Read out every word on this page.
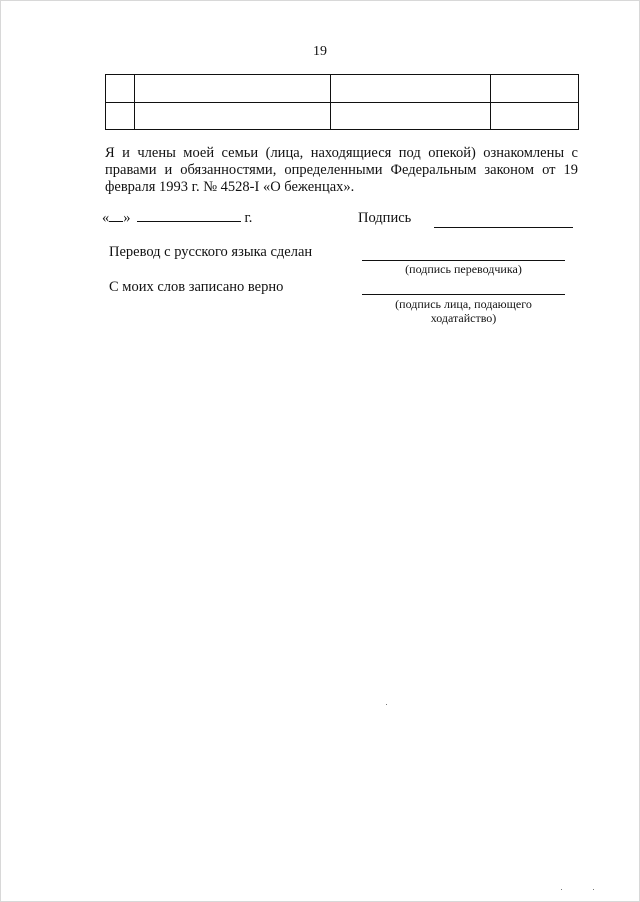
19

Я и члены моей семьи (лица, находящиеся под опекой) ознакомлены с правами и обязанностями, определенными Федеральным законом от 19 февраля 1993 г. № 4528-I «О беженцах».
« »	г.	Подпись
Перевод с русского языка сделан
(подпись переводчика)
С моих слов записано верно
(подпись лица, подающего
ходатайство)
